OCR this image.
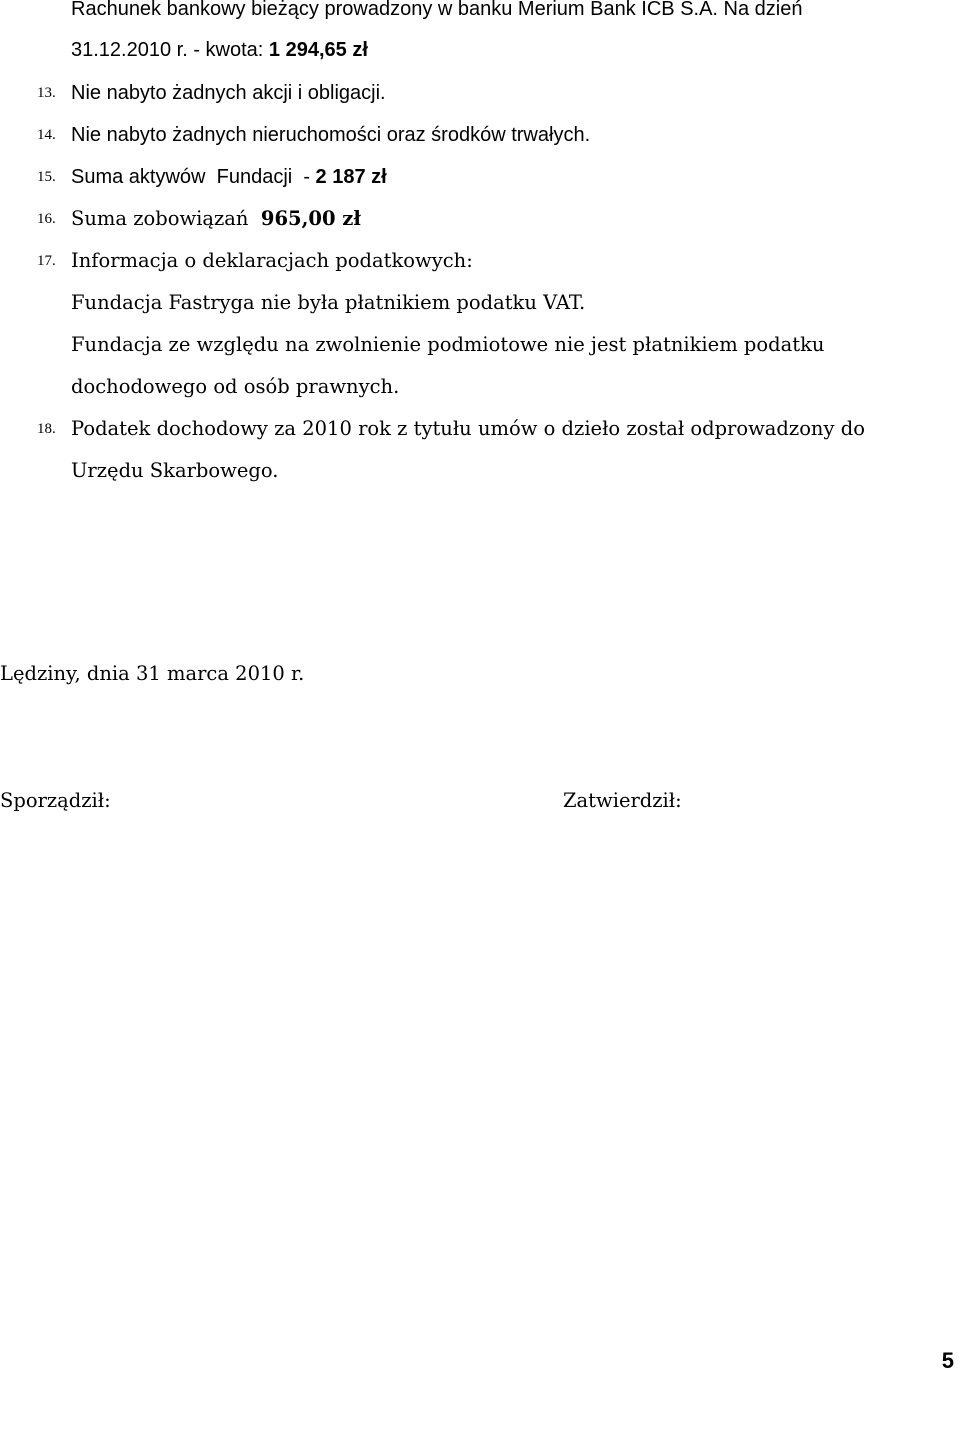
Rachunek bankowy bieżący prowadzony w banku Merium Bank ICB S.A. Na dzień
31.12.2010 r. - kwota: 1 294,65 zł
13. Nie nabyto żadnych akcji i obligacji.
14. Nie nabyto żadnych nieruchomości oraz środków trwałych.
15. Suma aktywów  Fundacji  - 2 187 zł
16. Suma zobowiązań  965,00 zł
17. Informacja o deklaracjach podatkowych:
Fundacja Fastryga nie była płatnikiem podatku VAT.
Fundacja ze względu na zwolnienie podmiotowe nie jest płatnikiem podatku
dochodowego od osób prawnych.
18. Podatek dochodowy za 2010 rok z tytułu umów o dzieło został odprowadzony do
Urzędu Skarbowego.
Lędziny, dnia 31 marca 2010 r.
Sporządził:	Zatwierdził:
5
